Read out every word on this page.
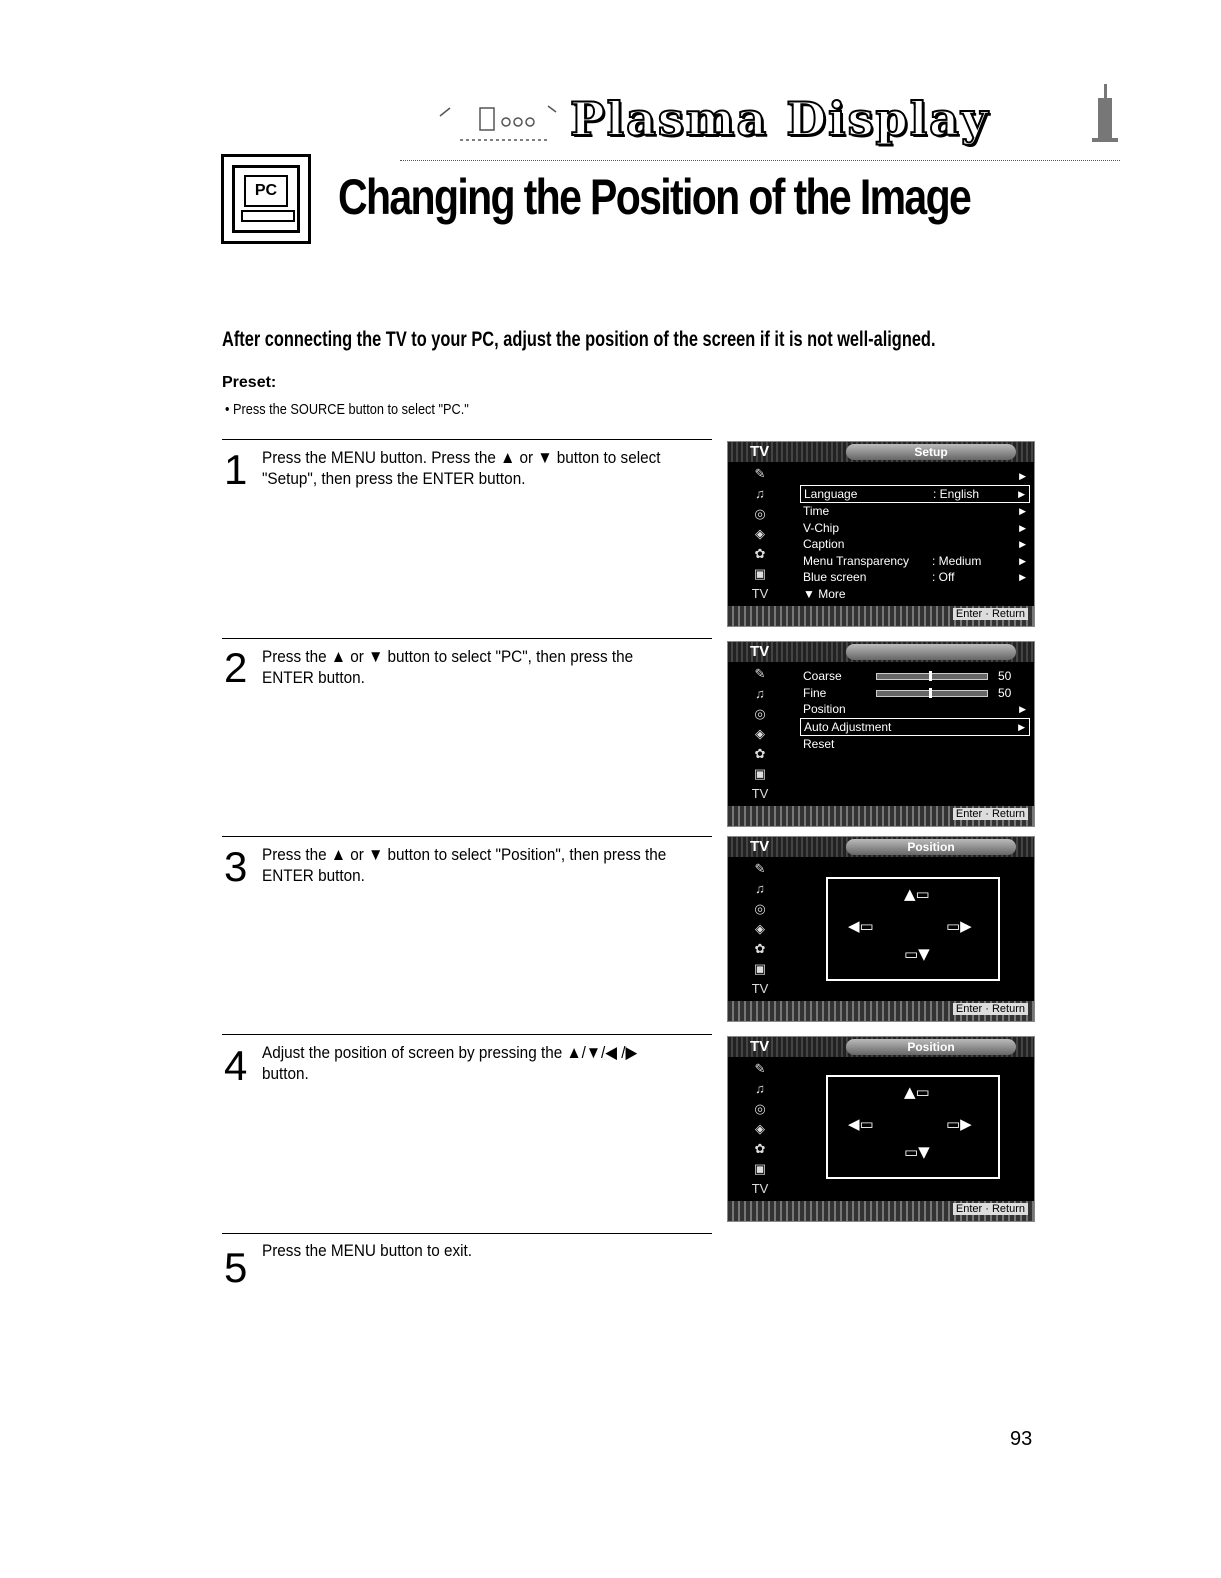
Plasma Display
PC Changing the Position of the Image
After connecting the TV to your PC, adjust the position of the screen if it is not well-aligned.
Preset:
• Press the SOURCE button to select "PC."
1 Press the MENU button. Press the ▲ or ▼ button to select "Setup", then press the ENTER button.
TV	Setup
✎
♫
◎
◈
✿
▣
TV
▶
Language	: English	▶
Time	▶
V-Chip	▶
Caption	▶
Menu Transparency : Medium	▶
Blue screen	: Off	▶
▼ More
Enter · Return
2 Press the ▲ or ▼ button to select "PC", then press the ENTER button.
TV
✎
♫
◎
◈
✿
▣
TV
Coarse	50
Fine	50
Position	▶
Auto Adjustment	▶
Reset
Enter · Return
3 Press the ▲ or ▼ button to select "Position", then press the ENTER button.
TV	Position
✎
♫
◎
◈
✿
▣
TV
▲▭
◀▭	▭▶
▭▼
Enter · Return
4 Adjust the position of screen by pressing the ▲/▼/◀ /▶ button.
TV	Position
✎
♫
◎
◈
✿
▣
TV
▲▭
◀▭	▭▶
▭▼
Enter · Return
5 Press the MENU button to exit.
93
